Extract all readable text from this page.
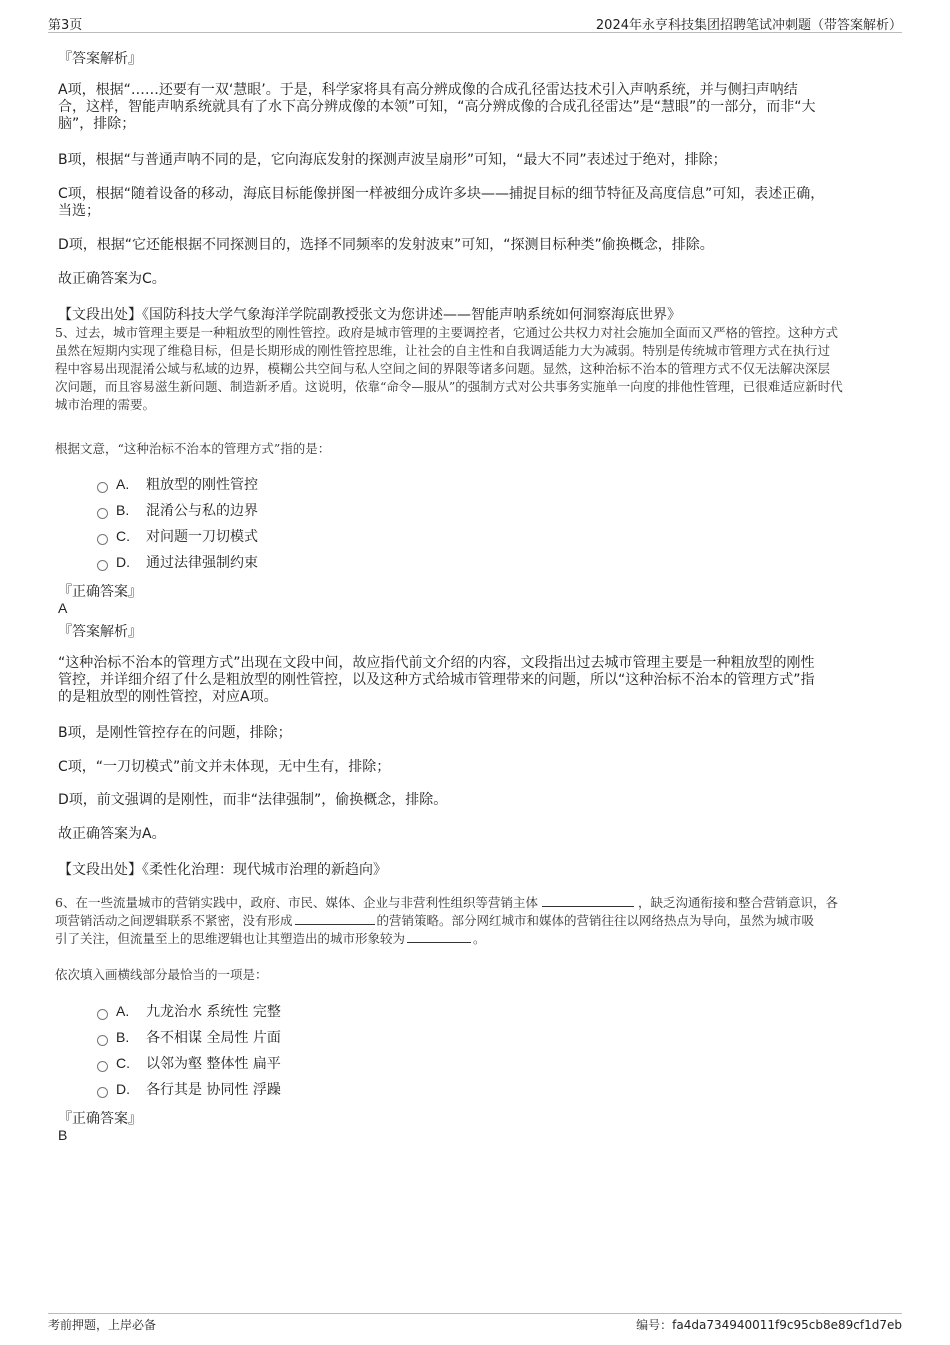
第3页	2024年永亨科技集团招聘笔试冲刺题（带答案解析）
『答案解析』
A项，根据“……还要有一双‘慧眼’。于是，科学家将具有高分辨成像的合成孔径雷达技术引入声呐系统，并与侧扫声呐结
合，这样，智能声呐系统就具有了水下高分辨成像的本领”可知，“高分辨成像的合成孔径雷达”是“慧眼”的一部分，而非“大
脑”，排除；
B项，根据“与普通声呐不同的是，它向海底发射的探测声波呈扇形”可知，“最大不同”表述过于绝对，排除；
C项，根据“随着设备的移动，海底目标能像拼图一样被细分成许多块——捕捉目标的细节特征及高度信息”可知，表述正确，
当选；
D项，根据“它还能根据不同探测目的，选择不同频率的发射波束”可知，“探测目标种类”偷换概念，排除。
故正确答案为C。
【文段出处】《国防科技大学气象海洋学院副教授张文为您讲述——智能声呐系统如何洞察海底世界》
5、过去，城市管理主要是一种粗放型的刚性管控。政府是城市管理的主要调控者，它通过公共权力对社会施加全面而又严格的管控。这种方式
虽然在短期内实现了维稳目标，但是长期形成的刚性管控思维，让社会的自主性和自我调适能力大为减弱。特别是传统城市管理方式在执行过
程中容易出现混淆公域与私域的边界，模糊公共空间与私人空间之间的界限等诸多问题。显然，这种治标不治本的管理方式不仅无法解决深层
次问题，而且容易滋生新问题、制造新矛盾。这说明，依靠“命令—服从”的强制方式对公共事务实施单一向度的排他性管理，已很难适应新时代
城市治理的需要。
根据文意，“这种治标不治本的管理方式”指的是：
A.	粗放型的刚性管控
B.	混淆公与私的边界
C.	对问题一刀切模式
D.	通过法律强制约束
『正确答案』
A
『答案解析』
“这种治标不治本的管理方式”出现在文段中间，故应指代前文介绍的内容，文段指出过去城市管理主要是一种粗放型的刚性
管控，并详细介绍了什么是粗放型的刚性管控，以及这种方式给城市管理带来的问题，所以“这种治标不治本的管理方式”指
的是粗放型的刚性管控，对应A项。
B项，是刚性管控存在的问题，排除；
C项，“一刀切模式”前文并未体现，无中生有，排除；
D项，前文强调的是刚性，而非“法律强制”，偷换概念，排除。
故正确答案为A。
【文段出处】《柔性化治理：现代城市治理的新趋向》
6、在一些流量城市的营销实践中，政府、市民、媒体、企业与非营利性组织等营销主体	，缺乏沟通衔接和整合营销意识，各
项营销活动之间逻辑联系不紧密，没有形成	的营销策略。部分网红城市和媒体的营销往往以网络热点为导向，虽然为城市吸
引了关注，但流量至上的思维逻辑也让其塑造出的城市形象较为	。
依次填入画横线部分最恰当的一项是：
A.	九龙治水 系统性 完整
B.	各不相谋 全局性 片面
C.	以邻为壑 整体性 扁平
D.	各行其是 协同性 浮躁
『正确答案』
B
考前押题，上岸必备	编号：fa4da734940011f9c95cb8e89cf1d7eb
